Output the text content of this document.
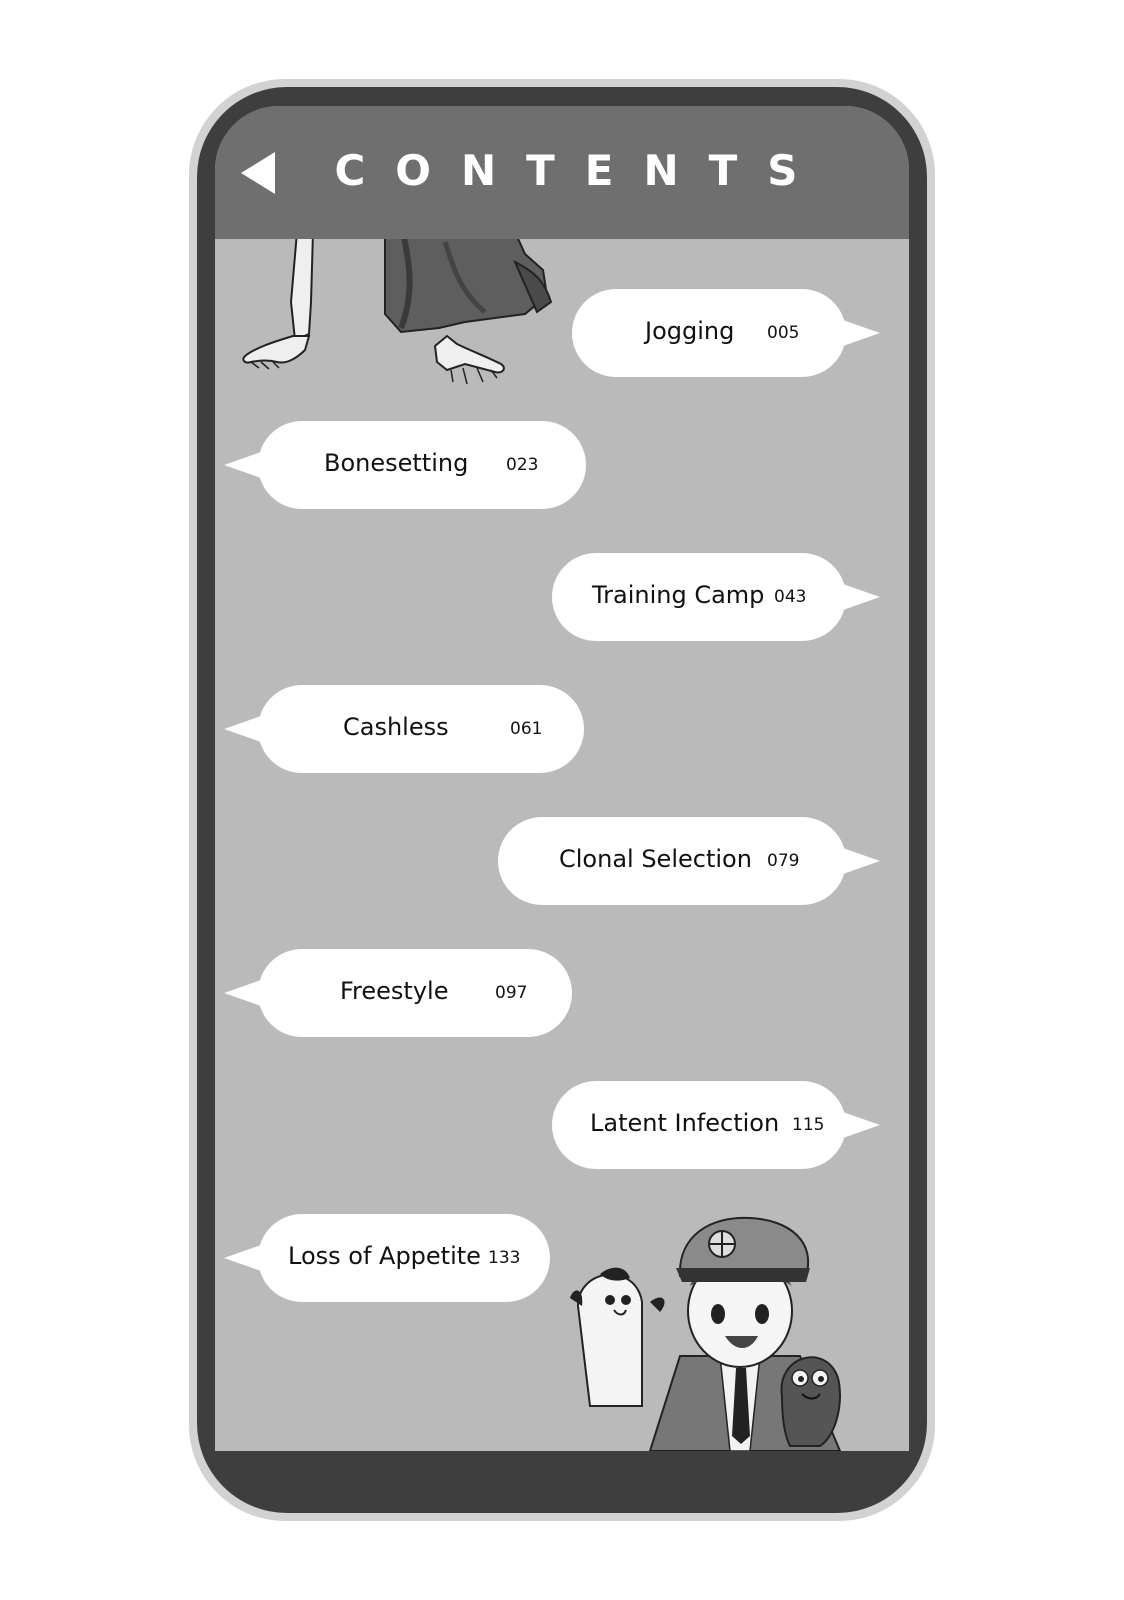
CONTENTS
Jogging 005
Bonesetting 023
Training Camp 043
Cashless	061
Clonal Selection 079
Freestyle	097
Latent Infection 115
Loss of Appetite 133
